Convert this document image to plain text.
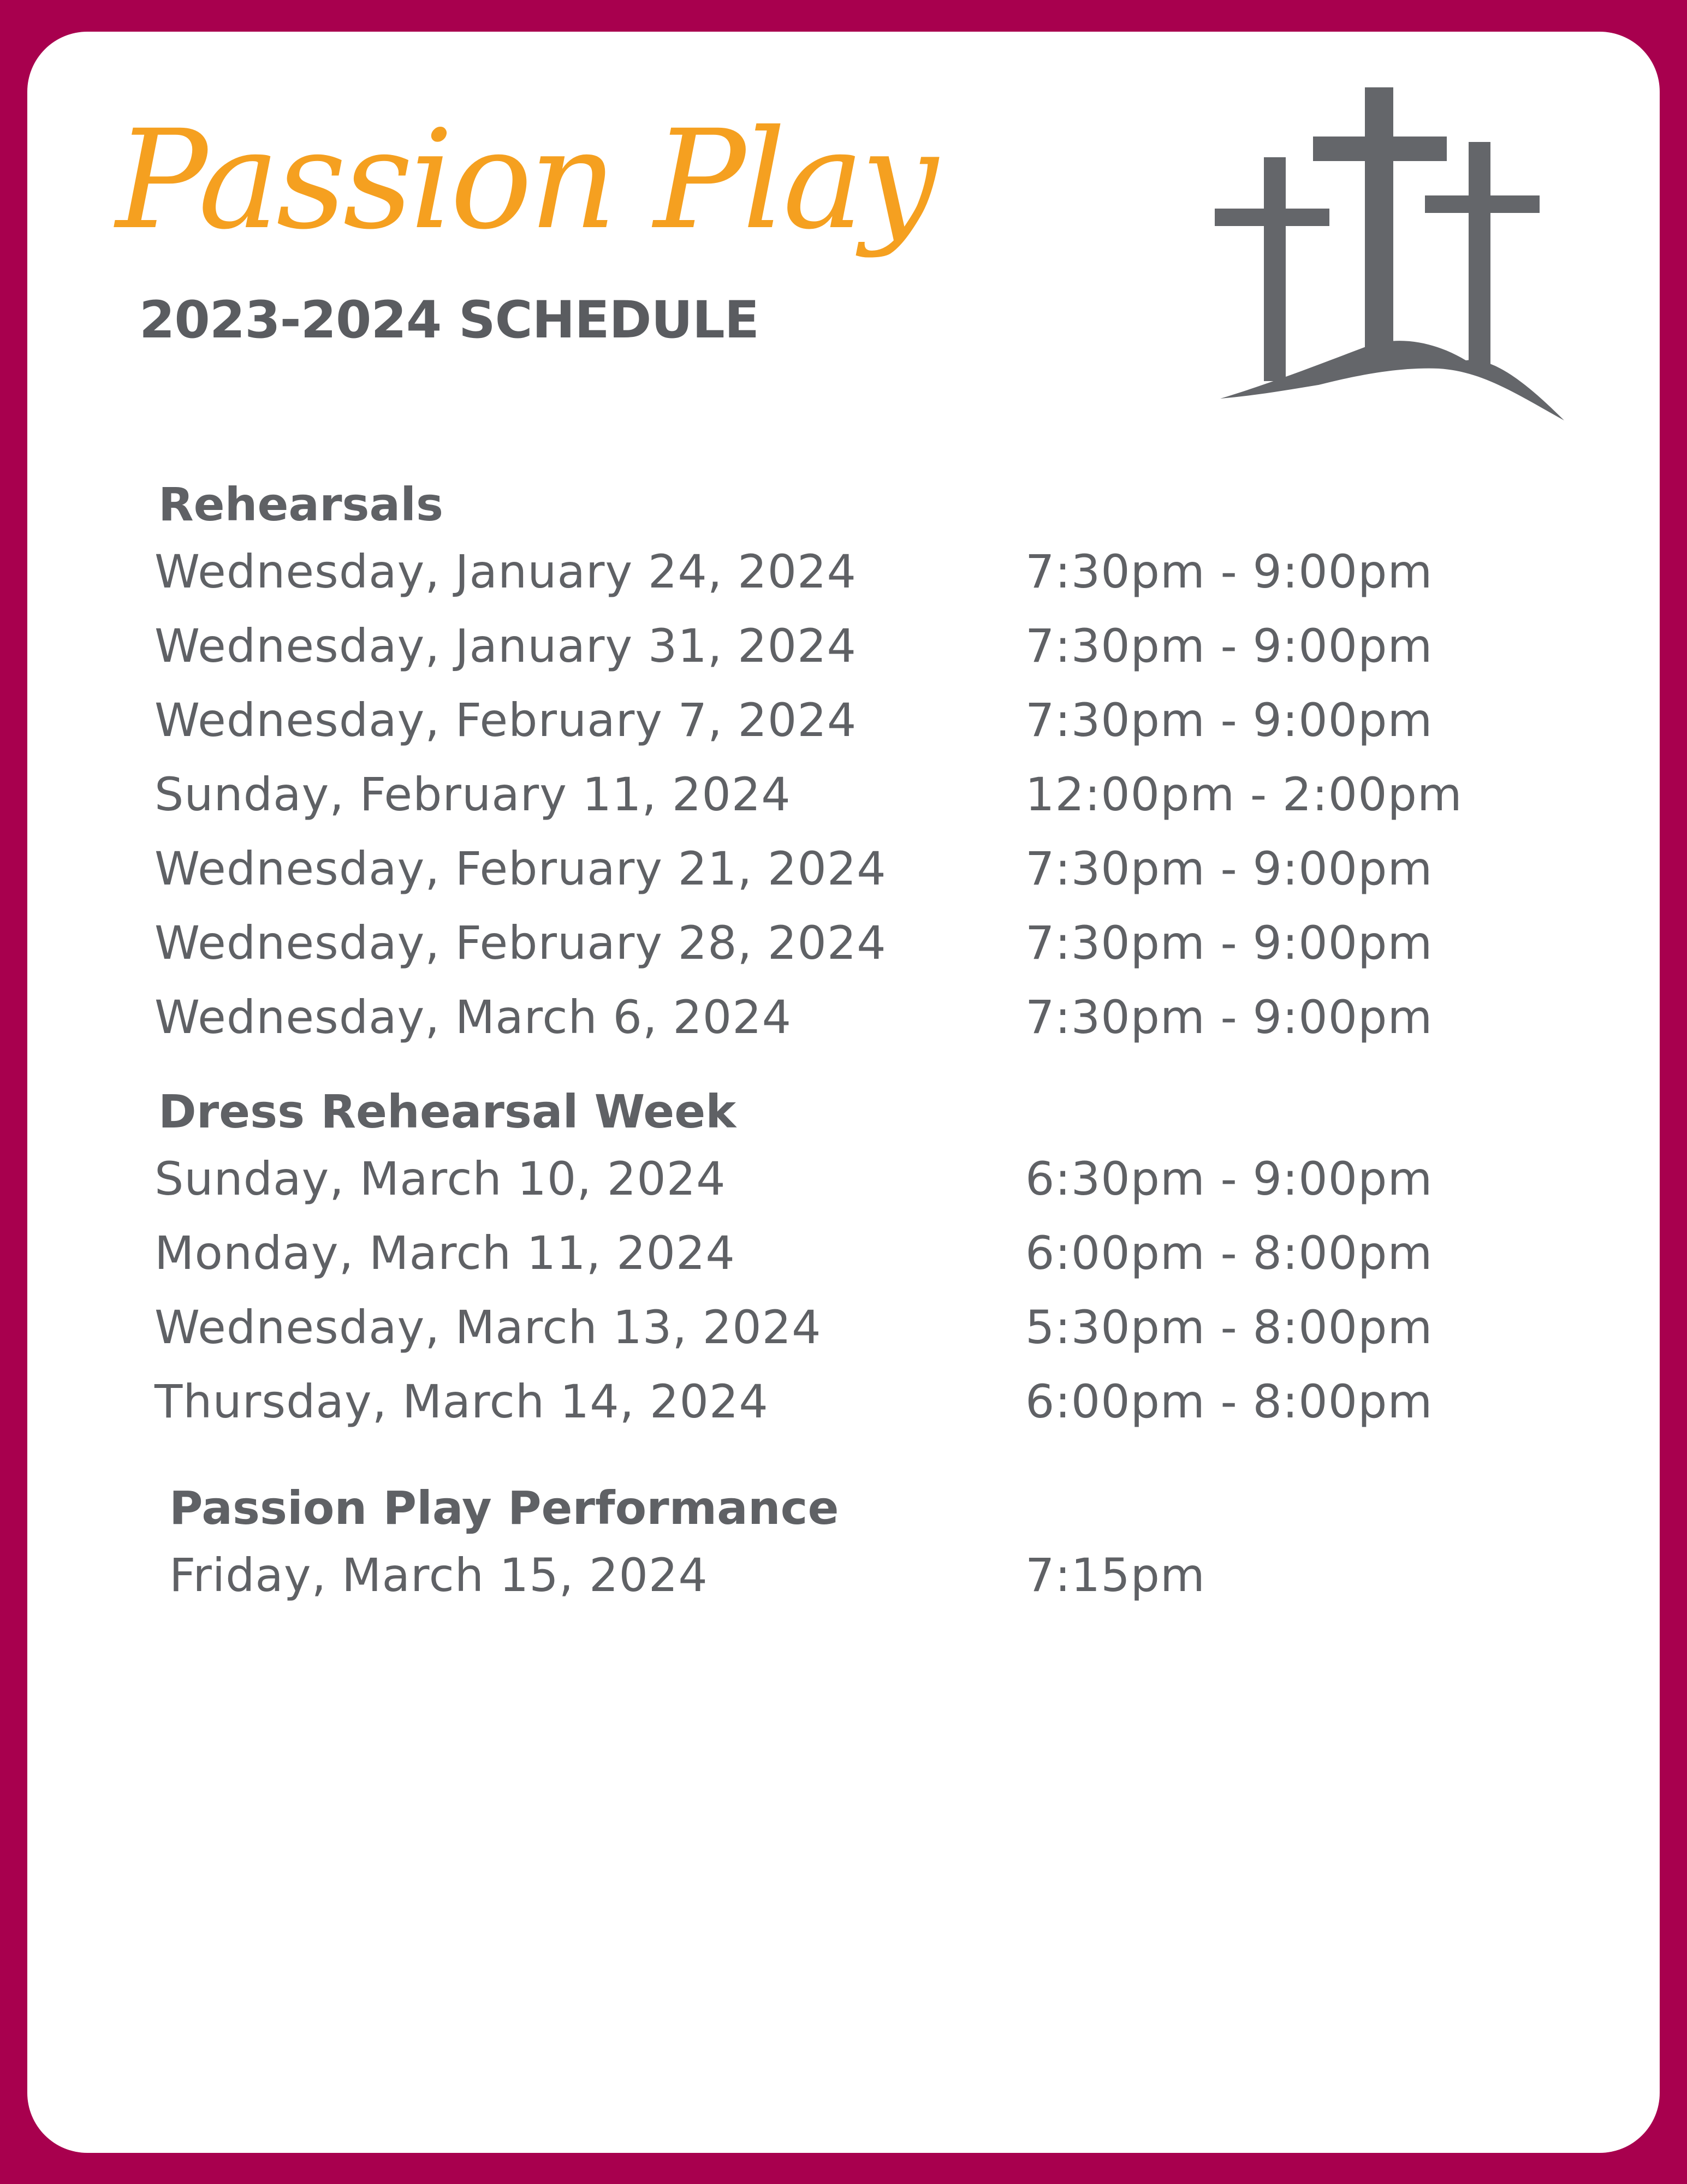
Passion Play
2023-2024 SCHEDULE
Rehearsals
Wednesday, January 24, 2024	7:30pm - 9:00pm
Wednesday, January 31, 2024	7:30pm - 9:00pm
Wednesday, February 7, 2024	7:30pm - 9:00pm
Sunday, February 11, 2024	12:00pm - 2:00pm
Wednesday, February 21, 2024	7:30pm - 9:00pm
Wednesday, February 28, 2024	7:30pm - 9:00pm
Wednesday, March 6, 2024	7:30pm - 9:00pm
Dress Rehearsal Week
Sunday, March 10, 2024	6:30pm - 9:00pm
Monday, March 11, 2024	6:00pm - 8:00pm
Wednesday, March 13, 2024	5:30pm - 8:00pm
Thursday, March 14, 2024	6:00pm - 8:00pm
Passion Play Performance
Friday, March 15, 2024	7:15pm
